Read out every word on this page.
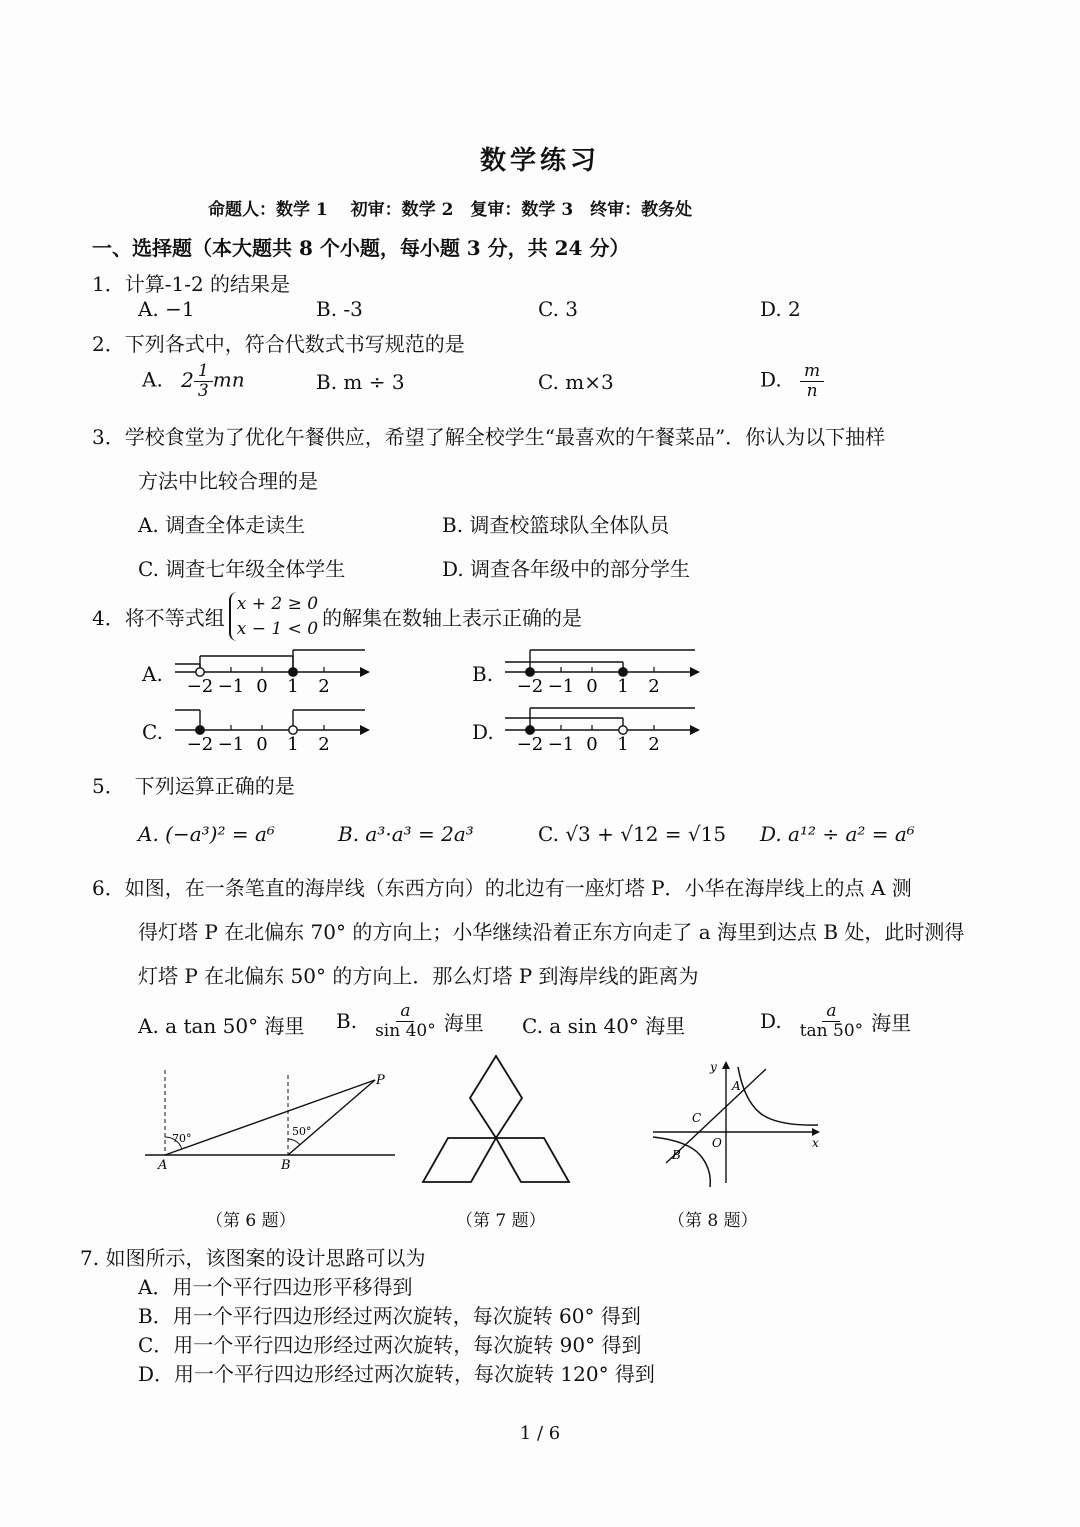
数学练习
命题人：数学 1　 初审：数学 2　复审：数学 3　终审：教务处
一、选择题（本大题共 8 个小题，每小题 3 分，共 24 分）
1．计算-1-2 的结果是
A. −1	B. -3	C. 3	D. 2
2．下列各式中，符合代数式书写规范的是
A. $2 \frac{1}{3}$ mn	B. m ÷ 3	C. m×3	D. $\frac{m}{n}$
3．学校食堂为了优化午餐供应，希望了解全校学生“最喜欢的午餐菜品”．你认为以下抽样
方法中比较合理的是
A. 调查全体走读生	B. 调查校篮球队全体队员
C. 调查七年级全体学生	D. 调查各年级中的部分学生
4．将不等式组
x + 2 ≥ 0
x − 1 < 0 的解集在数轴上表示正确的是
A.	B.
C.	D.
−2 −1 0 1 2	−2 −1 0 1 2
−2 −1 0 1 2	−2 −1 0 1 2
5．　下列运算正确的是
A. (−a³)² = a⁶	B. a³·a³ = 2a³	C. √3 + √12 = √15 D. a¹² ÷ a² = a⁶
6．如图，在一条笔直的海岸线（东西方向）的北边有一座灯塔 P．小华在海岸线上的点 A 测
得灯塔 P 在北偏东 70° 的方向上；小华继续沿着正东方向走了 a 海里到达点 B 处，此时测得
灯塔 P 在北偏东 50° 的方向上．那么灯塔 P 到海岸线的距离为
A. a tan 50° 海里 B. $\frac{a}{\sin 40^\circ}$ 海里 C. a sin 40° 海里	D. $\frac{a}{\tan 50^\circ}$ 海里
70°
50°
A	B
P
y
x
O
A
B
C
（第 6 题）	（第 7 题）	（第 8 题）
7. 如图所示，该图案的设计思路可以为
A．用一个平行四边形平移得到
B．用一个平行四边形经过两次旋转，每次旋转 60° 得到
C．用一个平行四边形经过两次旋转，每次旋转 90° 得到
D．用一个平行四边形经过两次旋转，每次旋转 120° 得到
1 / 6
